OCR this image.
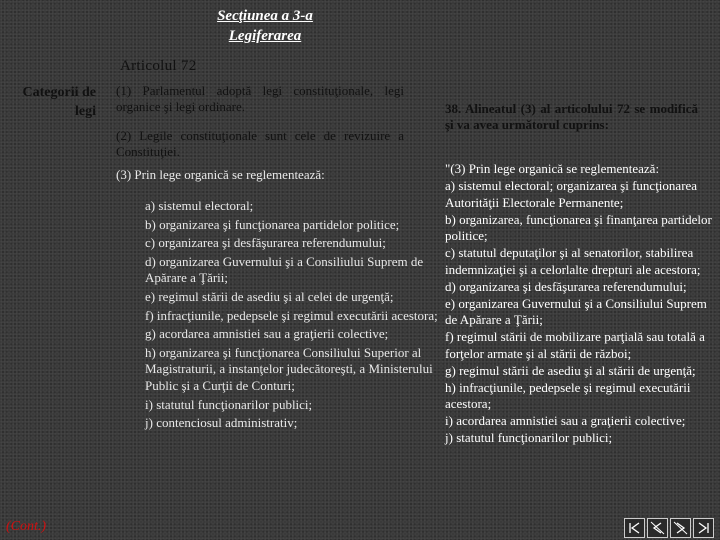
Secţiunea a 3-a
Legiferarea
Articolul 72
Categorii de legi
(1) Parlamentul adoptă legi constituţionale, legi organice şi legi ordinare.
(2) Legile constituţionale sunt cele de revizuire a Constituţiei.
(3) Prin lege organică se reglementează:
a) sistemul electoral;
b) organizarea şi funcţionarea partidelor politice;
c) organizarea şi desfăşurarea referendumului;
d) organizarea Guvernului şi a Consiliului Suprem de Apărare a Ţării;
e) regimul stării de asediu şi al celei de urgenţă;
f) infracţiunile, pedepsele şi regimul executării acestora;
g) acordarea amnistiei sau a graţierii colective;
h) organizarea şi funcţionarea Consiliului Superior al Magistraturii, a instanţelor judecătoreşti, a Ministerului Public şi a Curţii de Conturi;
i) statutul funcţionarilor publici;
j) contenciosul administrativ;
38. Alineatul (3) al articolului 72 se modifică şi va avea următorul cuprins:
"(3) Prin lege organică se reglementează:
a) sistemul electoral; organizarea şi funcţionarea Autorităţii Electorale Permanente;
b) organizarea, funcţionarea şi finanţarea partidelor politice;
c) statutul deputaţilor şi al senatorilor, stabilirea indemnizaţiei şi a celorlalte drepturi ale acestora;
d) organizarea şi desfăşurarea referendumului;
e) organizarea Guvernului şi a Consiliului Suprem de Apărare a Ţării;
f) regimul stării de mobilizare parţială sau totală a forţelor armate şi al stării de război;
g) regimul stării de asediu şi al stării de urgenţă;
h) infracţiunile, pedepsele şi regimul executării acestora;
i) acordarea amnistiei sau a graţierii colective;
j) statutul funcţionarilor publici;
(Cont.)
